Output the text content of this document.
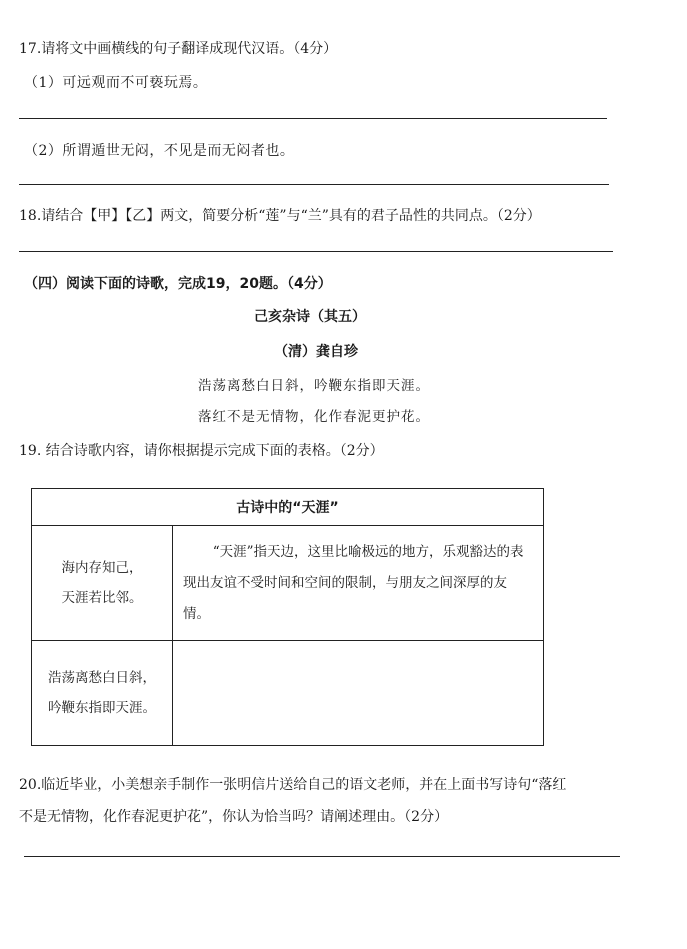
17.请将文中画横线的句子翻译成现代汉语。（4分）
（1）可远观而不可亵玩焉。
（2）所谓遁世无闷，不见是而无闷者也。
18.请结合【甲】【乙】两文，简要分析“莲”与“兰”具有的君子品性的共同点。（2分）
（四）阅读下面的诗歌，完成19，20题。（4分）
己亥杂诗（其五）
（清）龚自珍
浩荡离愁白日斜，吟鞭东指即天涯。
落红不是无情物，化作春泥更护花。
19. 结合诗歌内容，请你根据提示完成下面的表格。（2分）
古诗中的“天涯”	

海内存知己，
天涯若比邻。	“天涯”指天边，这里比喻极远的地方，乐观豁达的表现出友谊不受时间和空间的限制，与朋友之间深厚的友情。

浩荡离愁白日斜，
吟鞭东指即天涯。	

20.临近毕业，小美想亲手制作一张明信片送给自己的语文老师，并在上面书写诗句“落红
不是无情物，化作春泥更护花”，你认为恰当吗？请阐述理由。（2分）
